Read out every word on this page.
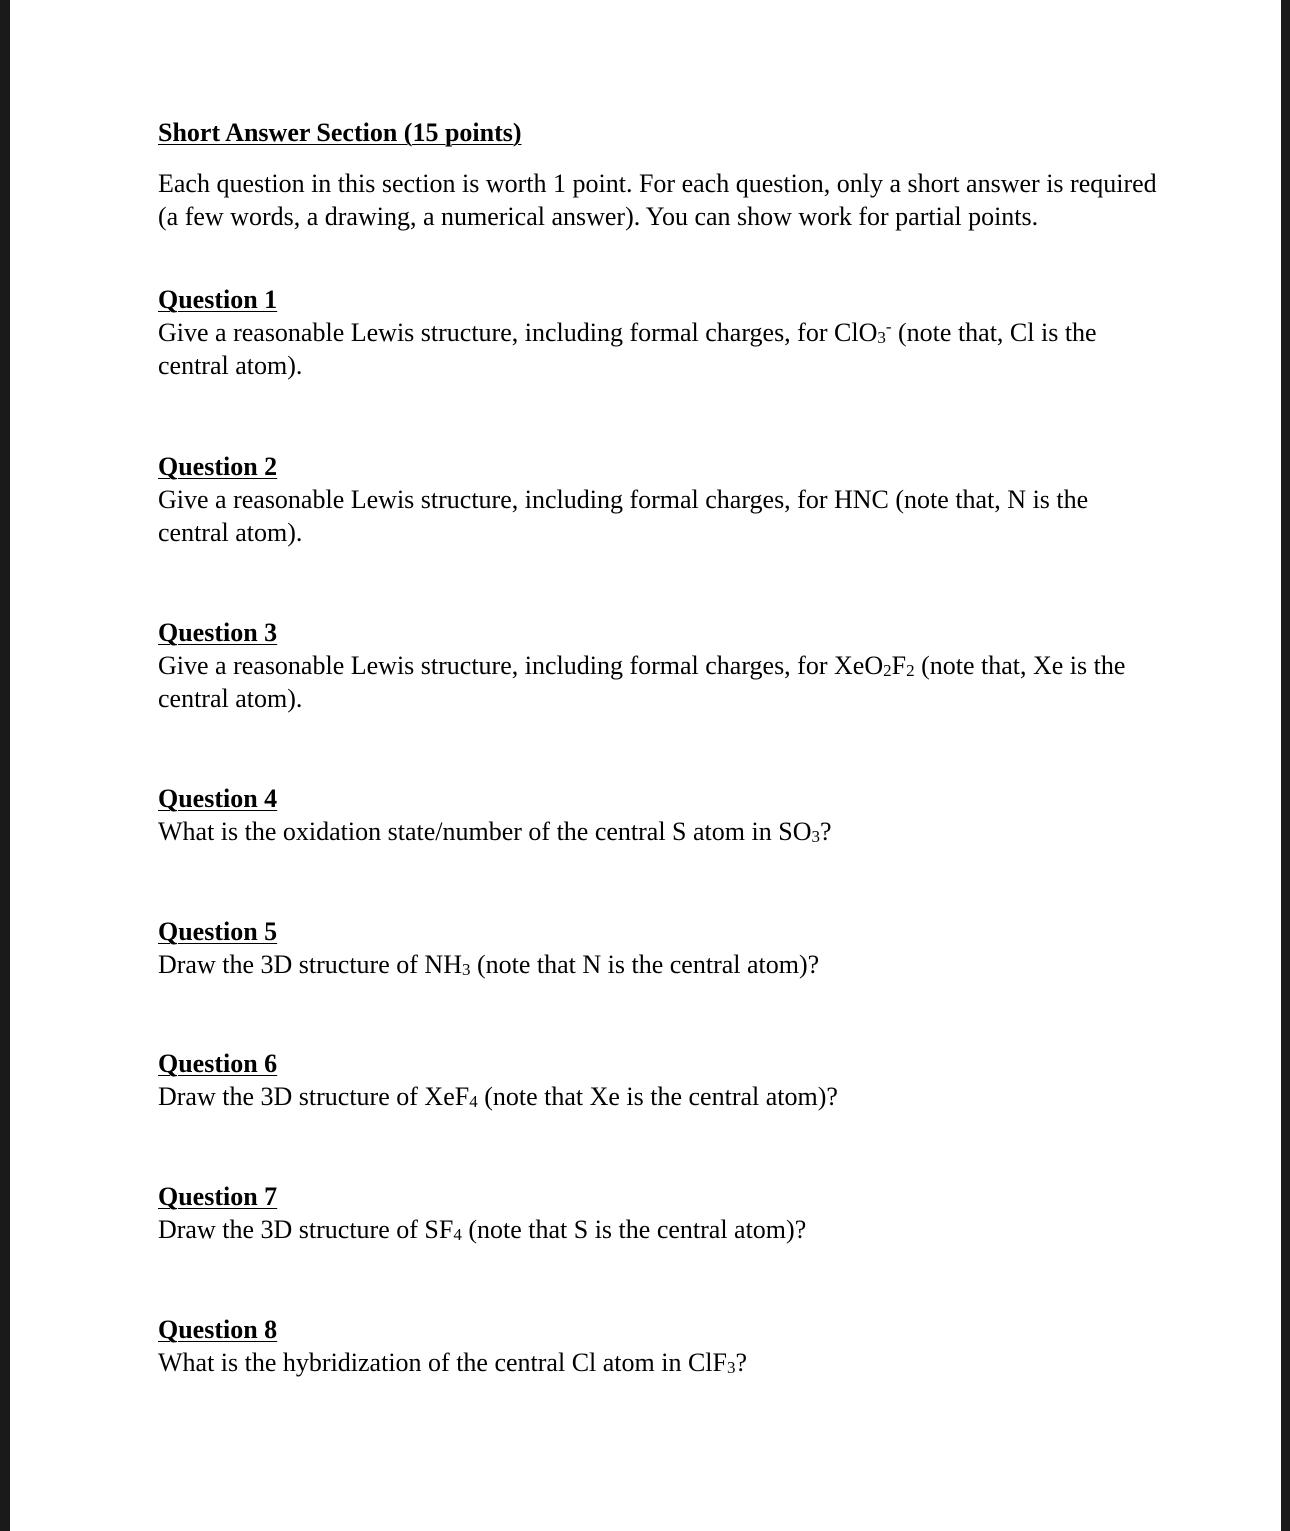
Short Answer Section (15 points)

Each question in this section is worth 1 point. For each question, only a short answer is required (a few words, a drawing, a numerical answer). You can show work for partial points.

Question 1

Give a reasonable Lewis structure, including formal charges, for ClO$_3$- (note that, Cl is the central atom).

Question 2

Give a reasonable Lewis structure, including formal charges, for HNC (note that, N is the central atom).

Question 3

Give a reasonable Lewis structure, including formal charges, for $XeO_2F_2$ (note that, Xe is the central atom).

Question 4

What is the oxidation state/number of the central S atom in $SO_3$?

Question 5

Draw the 3D structure of $NH_3$ (note that N is the central atom)?

Question 6

Draw the 3D structure of XeF$_4$ (note that Xe is the central atom)?

Question 7

Draw the 3D structure of $SF_4$ (note that S is the central atom)?

Question 8

What is the hybridization of the central Cl atom in ClF$_3$?
